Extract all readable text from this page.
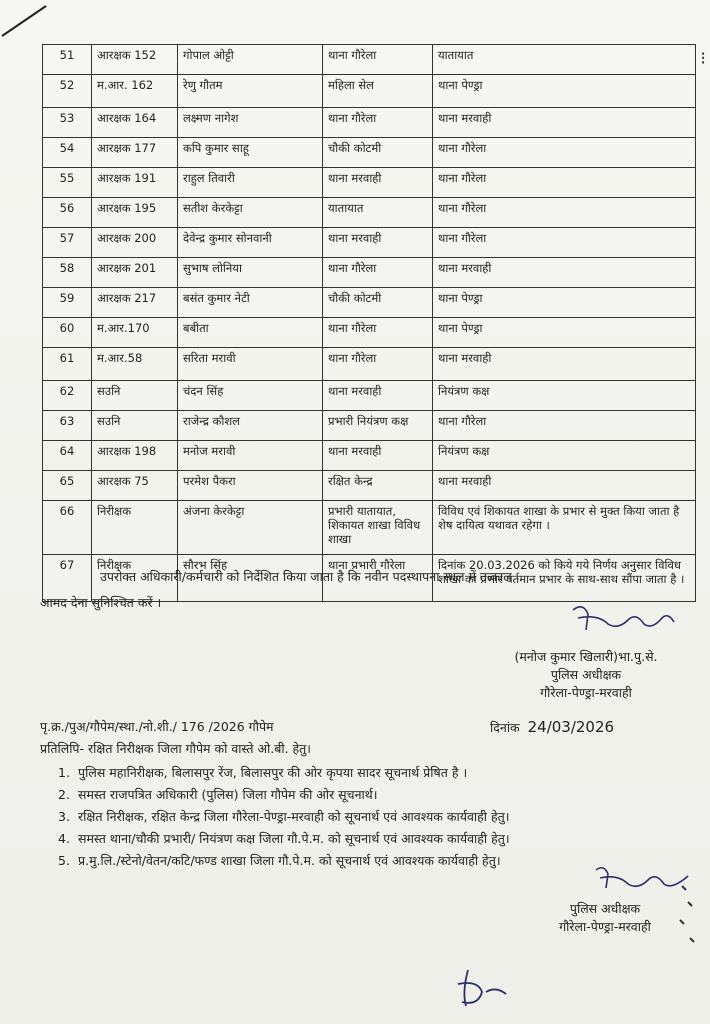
⁝
51	आरक्षक 152	गोपाल ओट्टी	थाना गौरेला	यातायात
52	म.आर. 162	रेणु गौतम	महिला सेल	थाना पेण्ड्रा
53	आरक्षक 164	लक्ष्मण नागेश	थाना गौरेला	थाना मरवाही
54	आरक्षक 177	कपि कुमार साहू	चौकी कोटमी	थाना गौरेला
55	आरक्षक 191	राहुल तिवारी	थाना मरवाही	थाना गौरेला
56	आरक्षक 195	सतीश केरकेट्टा	यातायात	थाना गौरेला
57	आरक्षक 200	देवेन्द्र कुमार सोनवानी	थाना मरवाही	थाना गौरेला
58	आरक्षक 201	सुभाष लोनिया	थाना गौरेला	थाना मरवाही
59	आरक्षक 217	बसंत कुमार नेटी	चौकी कोटमी	थाना पेण्ड्रा
60	म.आर.170	बबीता	थाना गौरेला	थाना पेण्ड्रा
61	म.आर.58	सरिता मरावी	थाना गौरेला	थाना मरवाही
62	सउनि	चंदन सिंह	थाना मरवाही	नियंत्रण कक्ष
63	सउनि	राजेन्द्र कौशल	प्रभारी नियंत्रण कक्ष	थाना गौरेला
64	आरक्षक 198	मनोज मरावी	थाना मरवाही	नियंत्रण कक्ष
65	आरक्षक 75	परमेश पैकरा	रक्षित केन्द्र	थाना मरवाही
66	निरीक्षक	अंजना केरकेट्टा	प्रभारी यातायात, शिकायत शाखा विविध शाखा	विविध एवं शिकायत शाखा के प्रभार से मुक्त किया जाता है शेष दायित्व यथावत रहेगा ।
67	निरीक्षक	सौरभ सिंह	थाना प्रभारी गौरेला	दिनांक 20.03.2026 को किये गये निर्णय अनुसार विविध शाखा का प्रभार वर्तमान प्रभार के साथ-साथ सौंपा जाता है ।
उपरोक्त अधिकारी/कर्मचारी को निर्देशित किया जाता है कि नवीन पदस्थापना स्थल में तत्काल
आमद देना सुनिश्चित करें ।
(मनोज कुमार खिलारी)भा.पु.से.
पुलिस अधीक्षक
गौरेला-पेण्ड्रा-मरवाही
पृ.क्र./पुअ/गौपेम/स्था./नो.शी./ 176 /2026 गौपेम	दिनांक 24/03/2026
प्रतिलिपि- रक्षित निरीक्षक जिला गौपेम को वास्ते ओ.बी. हेतु।
1. पुलिस महानिरीक्षक, बिलासपुर रेंज, बिलासपुर की ओर कृपया सादर सूचनार्थ प्रेषित है ।
2. समस्त राजपत्रित अधिकारी (पुलिस) जिला गौपेम की ओर सूचनार्थ।
3. रक्षित निरीक्षक, रक्षित केन्द्र जिला गौरेला-पेण्ड्रा-मरवाही को सूचनार्थ एवं आवश्यक कार्यवाही हेतु।
4. समस्त थाना/चौकी प्रभारी/ नियंत्रण कक्ष जिला गौ.पे.म. को सूचनार्थ एवं आवश्यक कार्यवाही हेतु।
5. प्र.मु.लि./स्टेनो/वेतन/कटि/फण्ड शाखा जिला गौ.पे.म. को सूचनार्थ एवं आवश्यक कार्यवाही हेतु।
पुलिस अधीक्षक
गौरेला-पेण्ड्रा-मरवाही
